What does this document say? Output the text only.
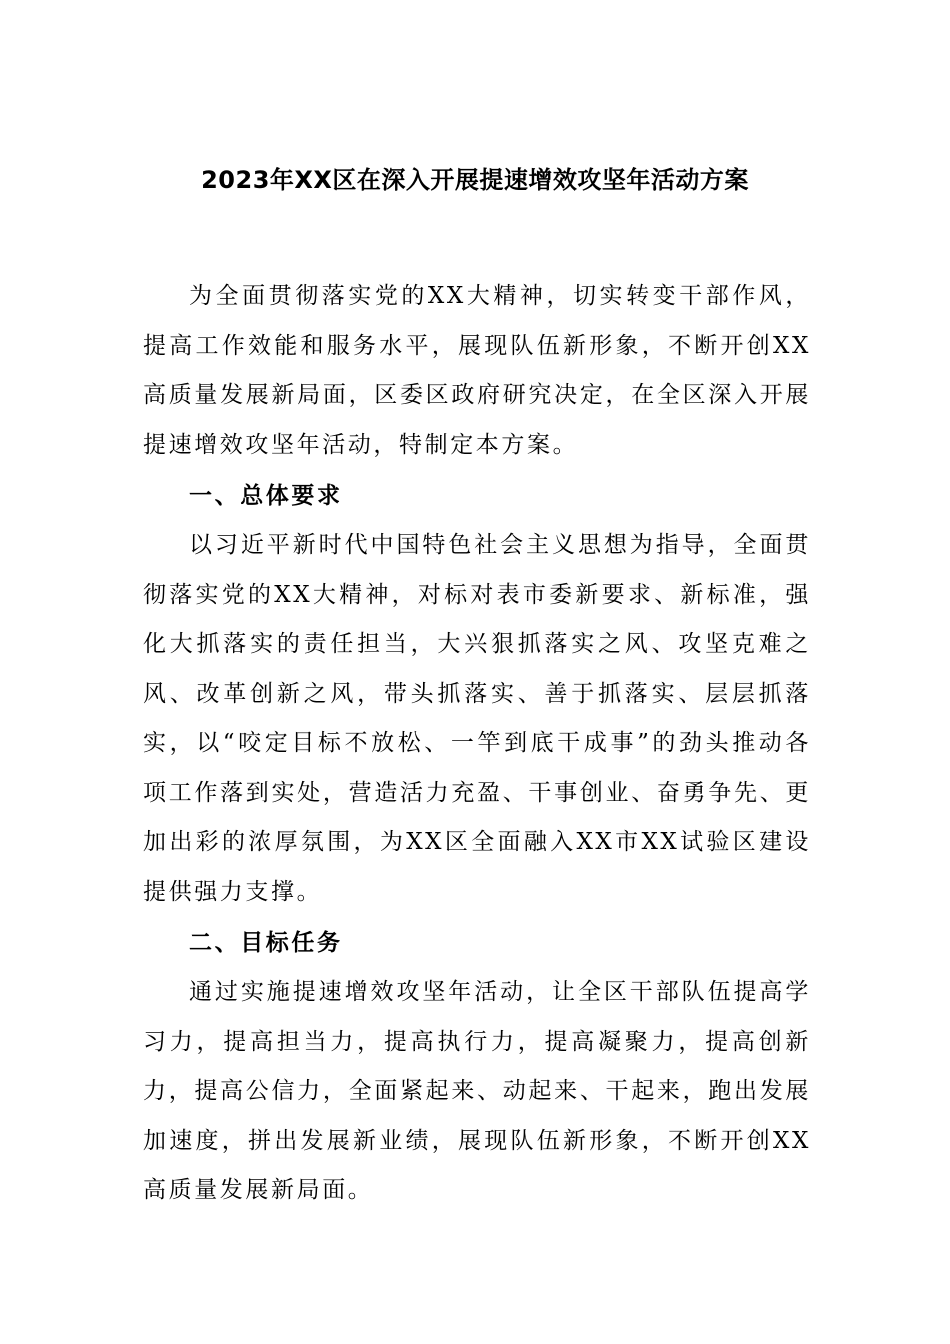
2023年XX区在深入开展提速增效攻坚年活动方案

为全面贯彻落实党的XX大精神，切实转变干部作风，提高工作效能和服务水平，展现队伍新形象，不断开创XX高质量发展新局面，区委区政府研究决定，在全区深入开展提速增效攻坚年活动，特制定本方案。

一、总体要求

以习近平新时代中国特色社会主义思想为指导，全面贯彻落实党的XX大精神，对标对表市委新要求、新标准，强化大抓落实的责任担当，大兴狠抓落实之风、攻坚克难之风、改革创新之风，带头抓落实、善于抓落实、层层抓落实，以“咬定目标不放松、一竿到底干成事”的劲头推动各项工作落到实处，营造活力充盈、干事创业、奋勇争先、更加出彩的浓厚氛围，为XX区全面融入XX市XX试验区建设提供强力支撑。

二、目标任务

通过实施提速增效攻坚年活动，让全区干部队伍提高学习力，提高担当力，提高执行力，提高凝聚力，提高创新力，提高公信力，全面紧起来、动起来、干起来，跑出发展加速度，拼出发展新业绩，展现队伍新形象，不断开创XX高质量发展新局面。
